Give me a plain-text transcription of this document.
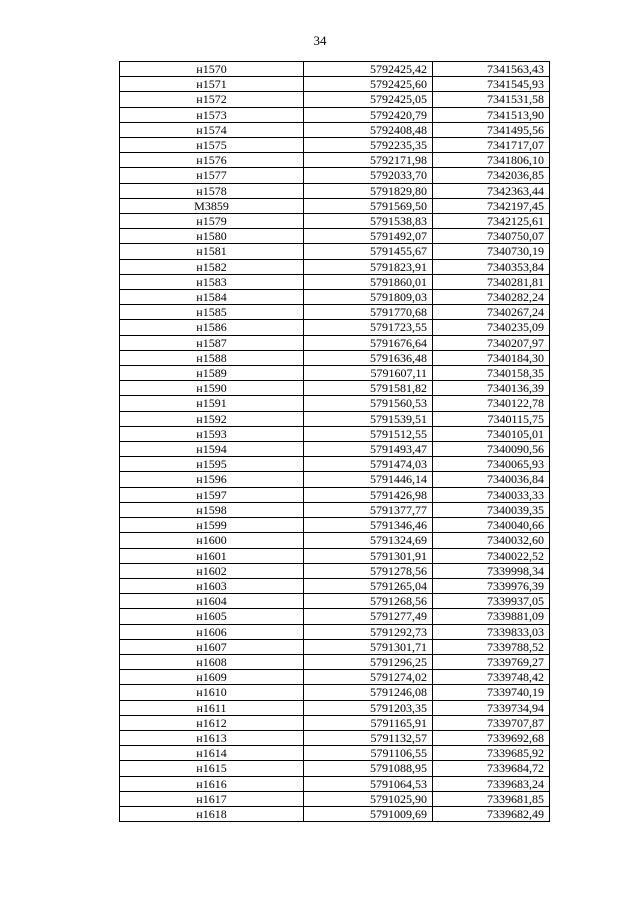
34
н1570	5792425,42	7341563,43
н1571	5792425,60	7341545,93
н1572	5792425,05	7341531,58
н1573	5792420,79	7341513,90
н1574	5792408,48	7341495,56
н1575	5792235,35	7341717,07
н1576	5792171,98	7341806,10
н1577	5792033,70	7342036,85
н1578	5791829,80	7342363,44
М3859	5791569,50	7342197,45
н1579	5791538,83	7342125,61
н1580	5791492,07	7340750,07
н1581	5791455,67	7340730,19
н1582	5791823,91	7340353,84
н1583	5791860,01	7340281,81
н1584	5791809,03	7340282,24
н1585	5791770,68	7340267,24
н1586	5791723,55	7340235,09
н1587	5791676,64	7340207,97
н1588	5791636,48	7340184,30
н1589	5791607,11	7340158,35
н1590	5791581,82	7340136,39
н1591	5791560,53	7340122,78
н1592	5791539,51	7340115,75
н1593	5791512,55	7340105,01
н1594	5791493,47	7340090,56
н1595	5791474,03	7340065,93
н1596	5791446,14	7340036,84
н1597	5791426,98	7340033,33
н1598	5791377,77	7340039,35
н1599	5791346,46	7340040,66
н1600	5791324,69	7340032,60
н1601	5791301,91	7340022,52
н1602	5791278,56	7339998,34
н1603	5791265,04	7339976,39
н1604	5791268,56	7339937,05
н1605	5791277,49	7339881,09
н1606	5791292,73	7339833,03
н1607	5791301,71	7339788,52
н1608	5791296,25	7339769,27
н1609	5791274,02	7339748,42
н1610	5791246,08	7339740,19
н1611	5791203,35	7339734,94
н1612	5791165,91	7339707,87
н1613	5791132,57	7339692,68
н1614	5791106,55	7339685,92
н1615	5791088,95	7339684,72
н1616	5791064,53	7339683,24
н1617	5791025,90	7339681,85
н1618	5791009,69	7339682,49
